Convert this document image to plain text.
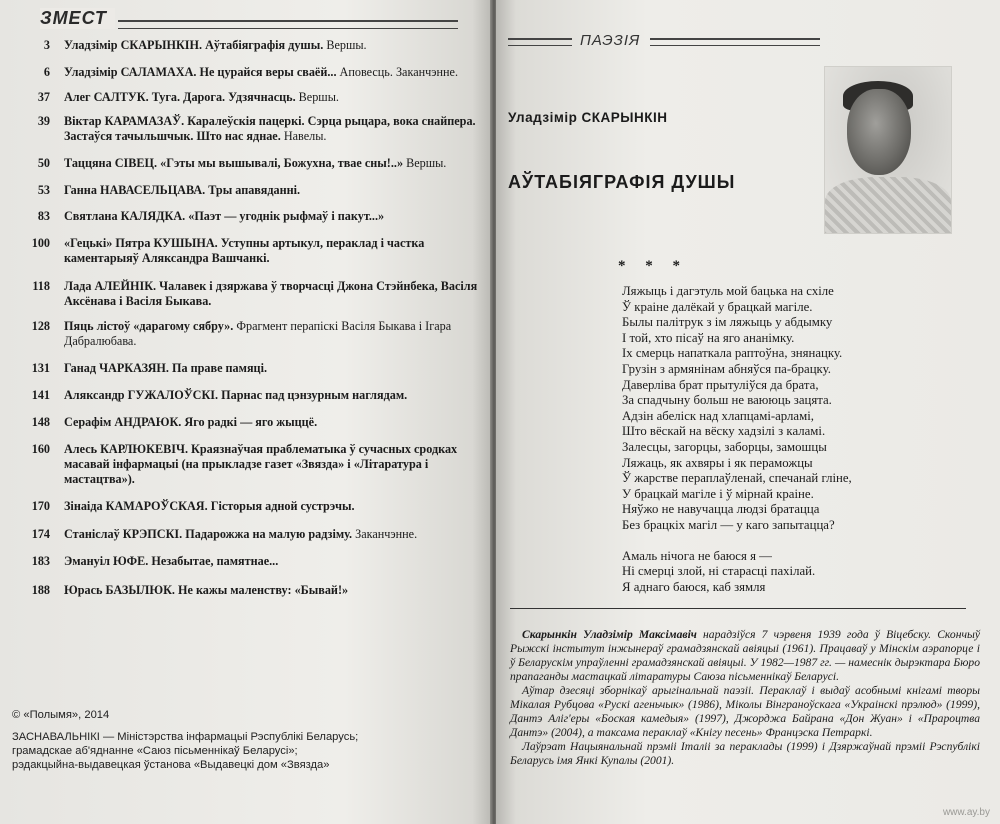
ЗМЕСТ
3 Уладзімір СКАРЫНКІН. Аўтабіяграфія душы. Вершы.
6 Уладзімір САЛАМАХА. Не цурайся веры сваёй... Аповесць. Заканчэнне.
37 Алег САЛТУК. Туга. Дарога. Удзячнасць. Вершы.
39 Віктар КАРАМАЗАЎ. Каралеўскія пацеркі. Сэрца рыцара, вока снайпера. Застаўся тачыльшчык. Што нас яднае. Навелы.
50 Таццяна СІВЕЦ. «Гэты мы вышывалі, Божухна, твае сны!..» Вершы.
53 Ганна НАВАСЕЛЬЦАВА. Тры апавяданні.
83 Святлана КАЛЯДКА. «Паэт — угоднік рыфмаў і пакут...»
100 «Гецькі» Пятра КУШЫНА. Уступны артыкул, пераклад і частка каментарыяў Аляксандра Вашчанкі.
118 Лада АЛЕЙНІК. Чалавек і дзяржава ў творчасці Джона Стэйнбека, Васіля Аксёнава і Васіля Быкава.
128 Пяць лістоў «дарагому сябру». Фрагмент перапіскі Васіля Быкава і Ігара Дабралюбава.
131 Ганад ЧАРКАЗЯН. Па праве памяці.
141 Аляксандр ГУЖАЛОЎСКІ. Парнас пад цэнзурным наглядам.
148 Серафім АНДРАЮК. Яго радкі — яго жыццё.
160 Алесь КАРЛЮКЕВІЧ. Краязнаўчая праблематыка ў сучасных сродках масавай інфармацыі (на прыкладзе газет «Звязда» і «Літаратура і мастацтва»).
170 Зінаіда КАМАРОЎСКАЯ. Гісторыя адной сустрэчы.
174 Станіслаў КРЭПСКІ. Падарожжа на малую радзіму. Заканчэнне.
183 Эмануіл ЮФЕ. Незабытае, памятнае...
188 Юрась БАЗЫЛЮК. Не кажы маленству: «Бывай!»
© «Полымя», 2014
ЗАСНАВАЛЬНІКІ — Міністэрства інфармацыі Рэспублікі Беларусь;
грамадскае аб'яднанне «Саюз пісьменнікаў Беларусі»;
рэдакцыйна-выдавецкая ўстанова «Выдавецкі дом «Звязда»
ПАЭЗІЯ
Уладзімір СКАРЫНКІН
АЎТАБІЯГРАФІЯ ДУШЫ
* * *
Ляжыць і дагэтуль мой бацька на схіле
Ў краіне далёкай у брацкай магіле.
Былы палітрук з ім ляжыць у абдымку
І той, хто пісаў на яго ананімку.
Іх смерць напаткала раптоўна, знянацку.
Грузін з армянінам абняўся па-брацку.
Даверліва брат прытуліўся да брата,
За спадчыну больш не ваююць зацята.
Адзін абеліск над хлапцамі-арламі,
Што вёскай на вёску хадзілі з каламі.
Залесцы, загорцы, заборцы, замошцы
Ляжаць, як ахвяры і як пераможцы
Ў жарстве пераплаўленай, спечанай гліне,
У брацкай магіле і ў мірнай краіне.
Няўжо не навучацца людзі братацца
Без брацкіх магіл — у каго запытацца?
Амаль нічога не баюся я —
Ні смерці злой, ні старасці пахілай.
Я аднаго баюся, каб зямля

Скарынкін Уладзімір Максімавіч нарадзіўся 7 чэрвеня 1939 года ў Віцебску. Скончыў Рыжскі інстытут інжынераў грамадзянскай авіяцыі (1961). Працаваў у Мінскім аэрапорце і ў Беларускім упраўленні грамадзянскай авіяцыі. У 1982—1987 гг. — намеснік дырэктара Бюро прапаганды мастацкай літаратуры Саюза пісьменнікаў Беларусі.

Аўтар дзесяці зборнікаў арыгінальнай паэзіі. Пераклаў і выдаў асобнымі кнігамі творы Мікалая Рубцова «Рускі агеньчык» (1986), Міколы Вінграноўскага «Украінскі прэлюд» (1999), Дантэ Аліг'еры «Боская камедыя» (1997), Джорджа Байрана «Дон Жуан» і «Прароцтва Дантэ» (2004), а таксама пераклаў «Кнігу песень» Францэска Петраркі.

Лаўрэат Нацыянальнай прэміі Італіі за пераклады (1999) і Дзяржаўнай прэміі Рэспублікі Беларусь імя Янкі Купалы (2001).

www.ay.by
